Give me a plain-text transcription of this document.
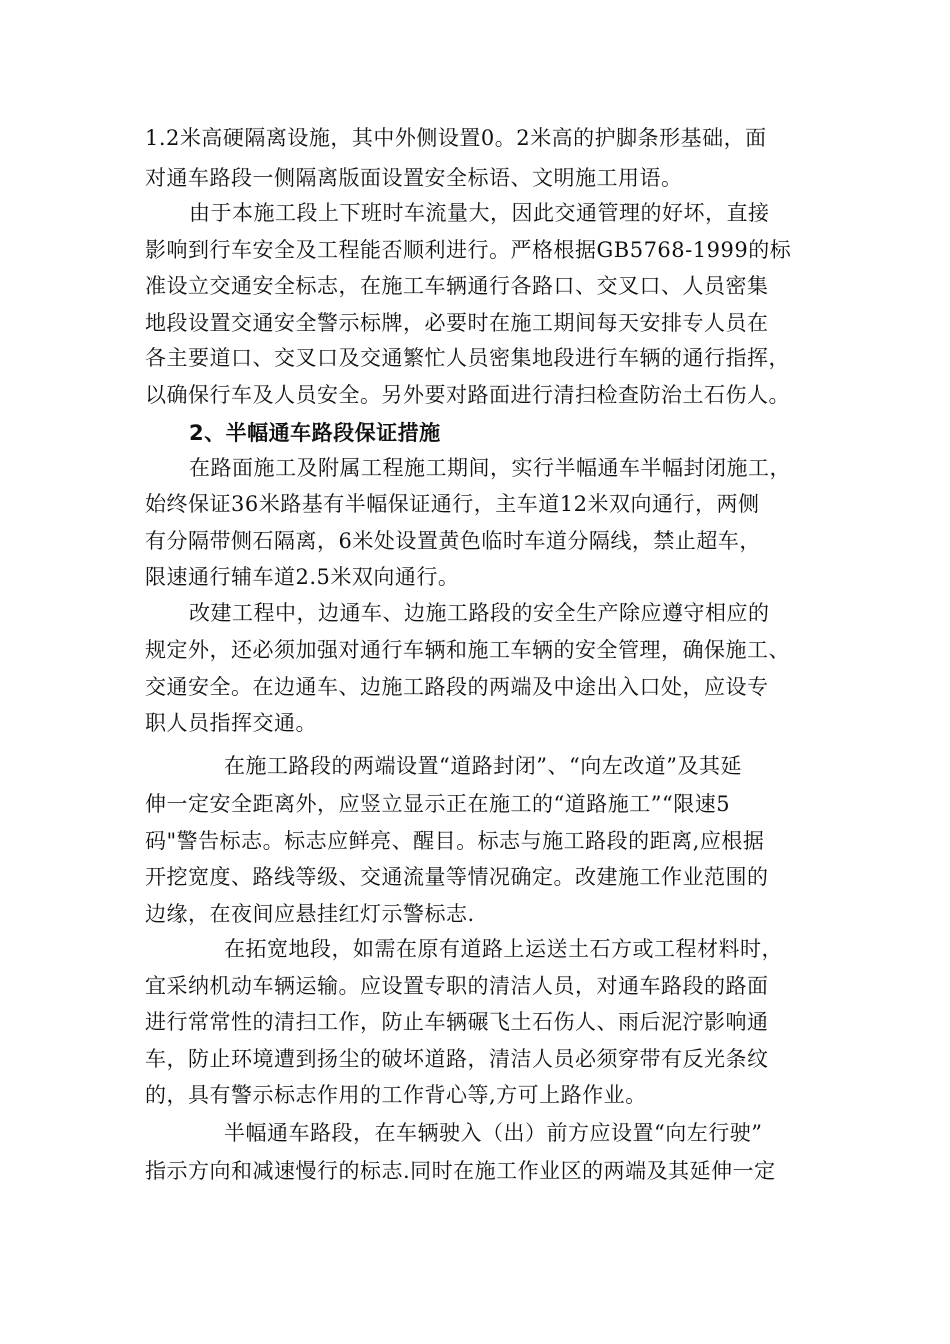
1.2米高硬隔离设施，其中外侧设置0。2米高的护脚条形基础，面
对通车路段一侧隔离版面设置安全标语、文明施工用语。
由于本施工段上下班时车流量大，因此交通管理的好坏，直接
影响到行车安全及工程能否顺利进行。严格根据GB5768-1999的标
准设立交通安全标志，在施工车辆通行各路口、交叉口、人员密集
地段设置交通安全警示标牌，必要时在施工期间每天安排专人员在
各主要道口、交叉口及交通繁忙人员密集地段进行车辆的通行指挥，
以确保行车及人员安全。另外要对路面进行清扫检查防治土石伤人。
2、半幅通车路段保证措施
在路面施工及附属工程施工期间，实行半幅通车半幅封闭施工，
始终保证36米路基有半幅保证通行，主车道12米双向通行，两侧
有分隔带侧石隔离，6米处设置黄色临时车道分隔线，禁止超车，
限速通行辅车道2.5米双向通行。
改建工程中，边通车、边施工路段的安全生产除应遵守相应的
规定外，还必须加强对通行车辆和施工车辆的安全管理，确保施工、
交通安全。在边通车、边施工路段的两端及中途出入口处，应设专
职人员指挥交通。
在施工路段的两端设置“道路封闭”、“向左改道”及其延
伸一定安全距离外，应竖立显示正在施工的“道路施工”“限速5
码"警告标志。标志应鲜亮、醒目。标志与施工路段的距离,应根据
开挖宽度、路线等级、交通流量等情况确定。改建施工作业范围的
边缘，在夜间应悬挂红灯示警标志.
在拓宽地段，如需在原有道路上运送土石方或工程材料时，
宜采纳机动车辆运输。应设置专职的清洁人员，对通车路段的路面
进行常常性的清扫工作，防止车辆碾飞土石伤人、雨后泥泞影响通
车，防止环境遭到扬尘的破坏道路，清洁人员必须穿带有反光条纹
的，具有警示标志作用的工作背心等,方可上路作业。
半幅通车路段，在车辆驶入（出）前方应设置“向左行驶”
指示方向和减速慢行的标志.同时在施工作业区的两端及其延伸一定
